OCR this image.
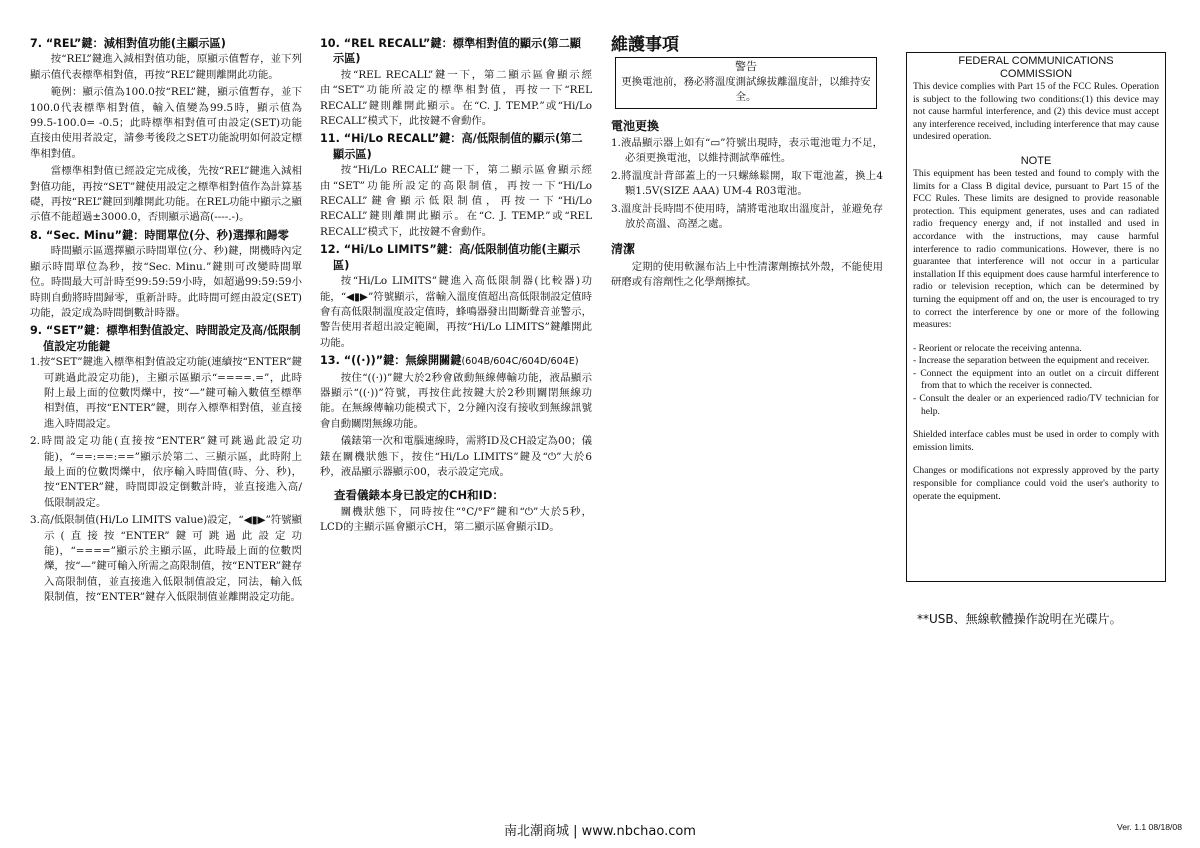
7. “REL”鍵：減相對值功能(主顯示區)

按“REL”鍵進入減相對值功能，原顯示值暫存，並下列顯示值代表標準相對值，再按“REL”鍵則離開此功能。

範例：顯示值為100.0按“REL”鍵，顯示值暫存，並下100.0代表標準相對值，輸入值變為99.5時，顯示值為99.5-100.0= -0.5；此時標準相對值可由設定(SET)功能直接由使用者設定，請參考後段之SET功能說明如何設定標準相對值。

當標準相對值已經設定完成後，先按“REL”鍵進入減相對值功能，再按“SET”鍵使用設定之標準相對值作為計算基礎，再按“REL”鍵回到離開此功能。在REL功能中顯示之顯示值不能超過±3000.0，否則顯示過高(----.-)。

8. “Sec. Minu”鍵：時間單位(分、秒)選擇和歸零

時間顯示區選擇顯示時間單位(分、秒)鍵，開機時內定顯示時間單位為秒，按“Sec. Minu.”鍵則可改變時間單位。時間最大可計時至99:59:59小時，如超過99:59:59小時則自動將時間歸零，重新計時。此時間可經由設定(SET)功能，設定成為時間倒數計時器。

9. “SET”鍵：標準相對值設定、時間設定及高/低限制值設定功能鍵

1.按“SET”鍵進入標準相對值設定功能(連續按“ENTER”鍵可跳過此設定功能)，主顯示區顯示“====.=”，此時附上最上面的位數閃爍中，按“—”鍵可輸入數值至標準相對值，再按“ENTER”鍵，則存入標準相對值，並直接進入時間設定。

2.時間設定功能(直接按“ENTER”鍵可跳過此設定功能)，“==:==:==”顯示於第二、三顯示區，此時附上最上面的位數閃爍中，依序輸入時間值(時、分、秒)，按“ENTER”鍵，時間即設定倒數計時，並直接進入高/低限制設定。

3.高/低限制值(Hi/Lo LIMITS value)設定，“◀▮▶”符號顯示(直接按“ENTER”鍵可跳過此設定功能)，“====”顯示於主顯示區，此時最上面的位數閃爍，按“—”鍵可輸入所需之高限制值，按“ENTER”鍵存入高限制值，並直接進入低限制值設定，同法，輸入低限制值，按“ENTER”鍵存入低限制值並離開設定功能。

10. “REL RECALL”鍵：標準相對值的顯示(第二顯示區)

按“REL RECALL”鍵一下，第二顯示區會顯示經由“SET”功能所設定的標準相對值，再按一下“REL RECALL”鍵則離開此顯示。在“C. J. TEMP.”或“Hi/Lo RECALL”模式下，此按鍵不會動作。

11. “Hi/Lo RECALL”鍵：高/低限制值的顯示(第二顯示區)

按“Hi/Lo RECALL”鍵一下，第二顯示區會顯示經由“SET”功能所設定的高限制值，再按一下“Hi/Lo RECALL”鍵會顯示低限制值，再按一下“Hi/Lo RECALL”鍵則離開此顯示。在“C. J. TEMP.”或“REL RECALL”模式下，此按鍵不會動作。

12. “Hi/Lo LIMITS”鍵：高/低限制值功能(主顯示區)

按“Hi/Lo LIMITS”鍵進入高低限制器(比較器)功能，“◀▮▶”符號顯示，當輸入溫度值超出高低限制設定值時會有高低限制溫度設定值時，蜂鳴器發出間斷聲音並警示，警告使用者超出設定範圍，再按“Hi/Lo LIMITS”鍵離開此功能。

13. “((·))”鍵：無線開關鍵(604B/604C/604D/604E)

按住“((·))”鍵大於2秒會啟動無線傳輸功能，液晶顯示器顯示“((·))”符號，再按住此按鍵大於2秒則關閉無線功能。在無線傳輸功能模式下，2分鐘內沒有接收到無線訊號會自動關閉無線功能。

儀錶第一次和電腦連線時，需將ID及CH設定為00；儀錶在關機狀態下，按住“Hi/Lo LIMITS”鍵及“⏻”大於6秒，液晶顯示器顯示00，表示設定完成。

查看儀錶本身已設定的CH和ID：

關機狀態下，同時按住“°C/°F”鍵和“⏻”大於5秒，LCD的主顯示區會顯示CH，第二顯示區會顯示ID。

維護事項

警告
更換電池前，務必將溫度測試線拔離溫度計，以維持安全。

電池更換

1.液晶顯示器上如有“▭”符號出現時，表示電池電力不足，必須更換電池，以維持測試準確性。

2.將溫度計背部蓋上的一只螺絲鬆開，取下電池蓋，換上4顆1.5V(SIZE AAA) UM-4 R03電池。

3.溫度計長時間不使用時，請將電池取出溫度計，並避免存放於高溫、高溼之處。

清潔

定期的使用軟濕布沾上中性清潔劑擦拭外殼，不能使用研磨或有溶劑性之化學劑擦拭。

FEDERAL COMMUNICATIONS

COMMISSION

This device complies with Part 15 of the FCC Rules. Operation is subject to the following two conditions:(1) this device may not cause harmful interference, and (2) this device must accept any interference received, including interference that may cause undesired operation.

NOTE

This equipment has been tested and found to comply with the limits for a Class B digital device, pursuant to Part 15 of the FCC Rules. These limits are designed to provide reasonable protection. This equipment generates, uses and can radiated radio frequency energy and, if not installed and used in accordance with the instructions, may cause harmful interference to radio communications. However, there is no guarantee that interference will not occur in a particular installation If this equipment does cause harmful interference to radio or television reception, which can be determined by turning the equipment off and on, the user is encouraged to try to correct the interference by one or more of the following measures:

- Reorient or relocate the receiving antenna.

- Increase the separation between the equipment and receiver.

- Connect the equipment into an outlet on a circuit different from that to which the receiver is connected.

- Consult the dealer or an experienced radio/TV technician for help.

Shielded interface cables must be used in order to comply with emission limits.

Changes or modifications not expressly approved by the party responsible for compliance could void the user's authority to operate the equipment.

**USB、無線軟體操作說明在光碟片。
南北潮商城 | www.nbchao.com	Ver. 1.1 08/18/08
